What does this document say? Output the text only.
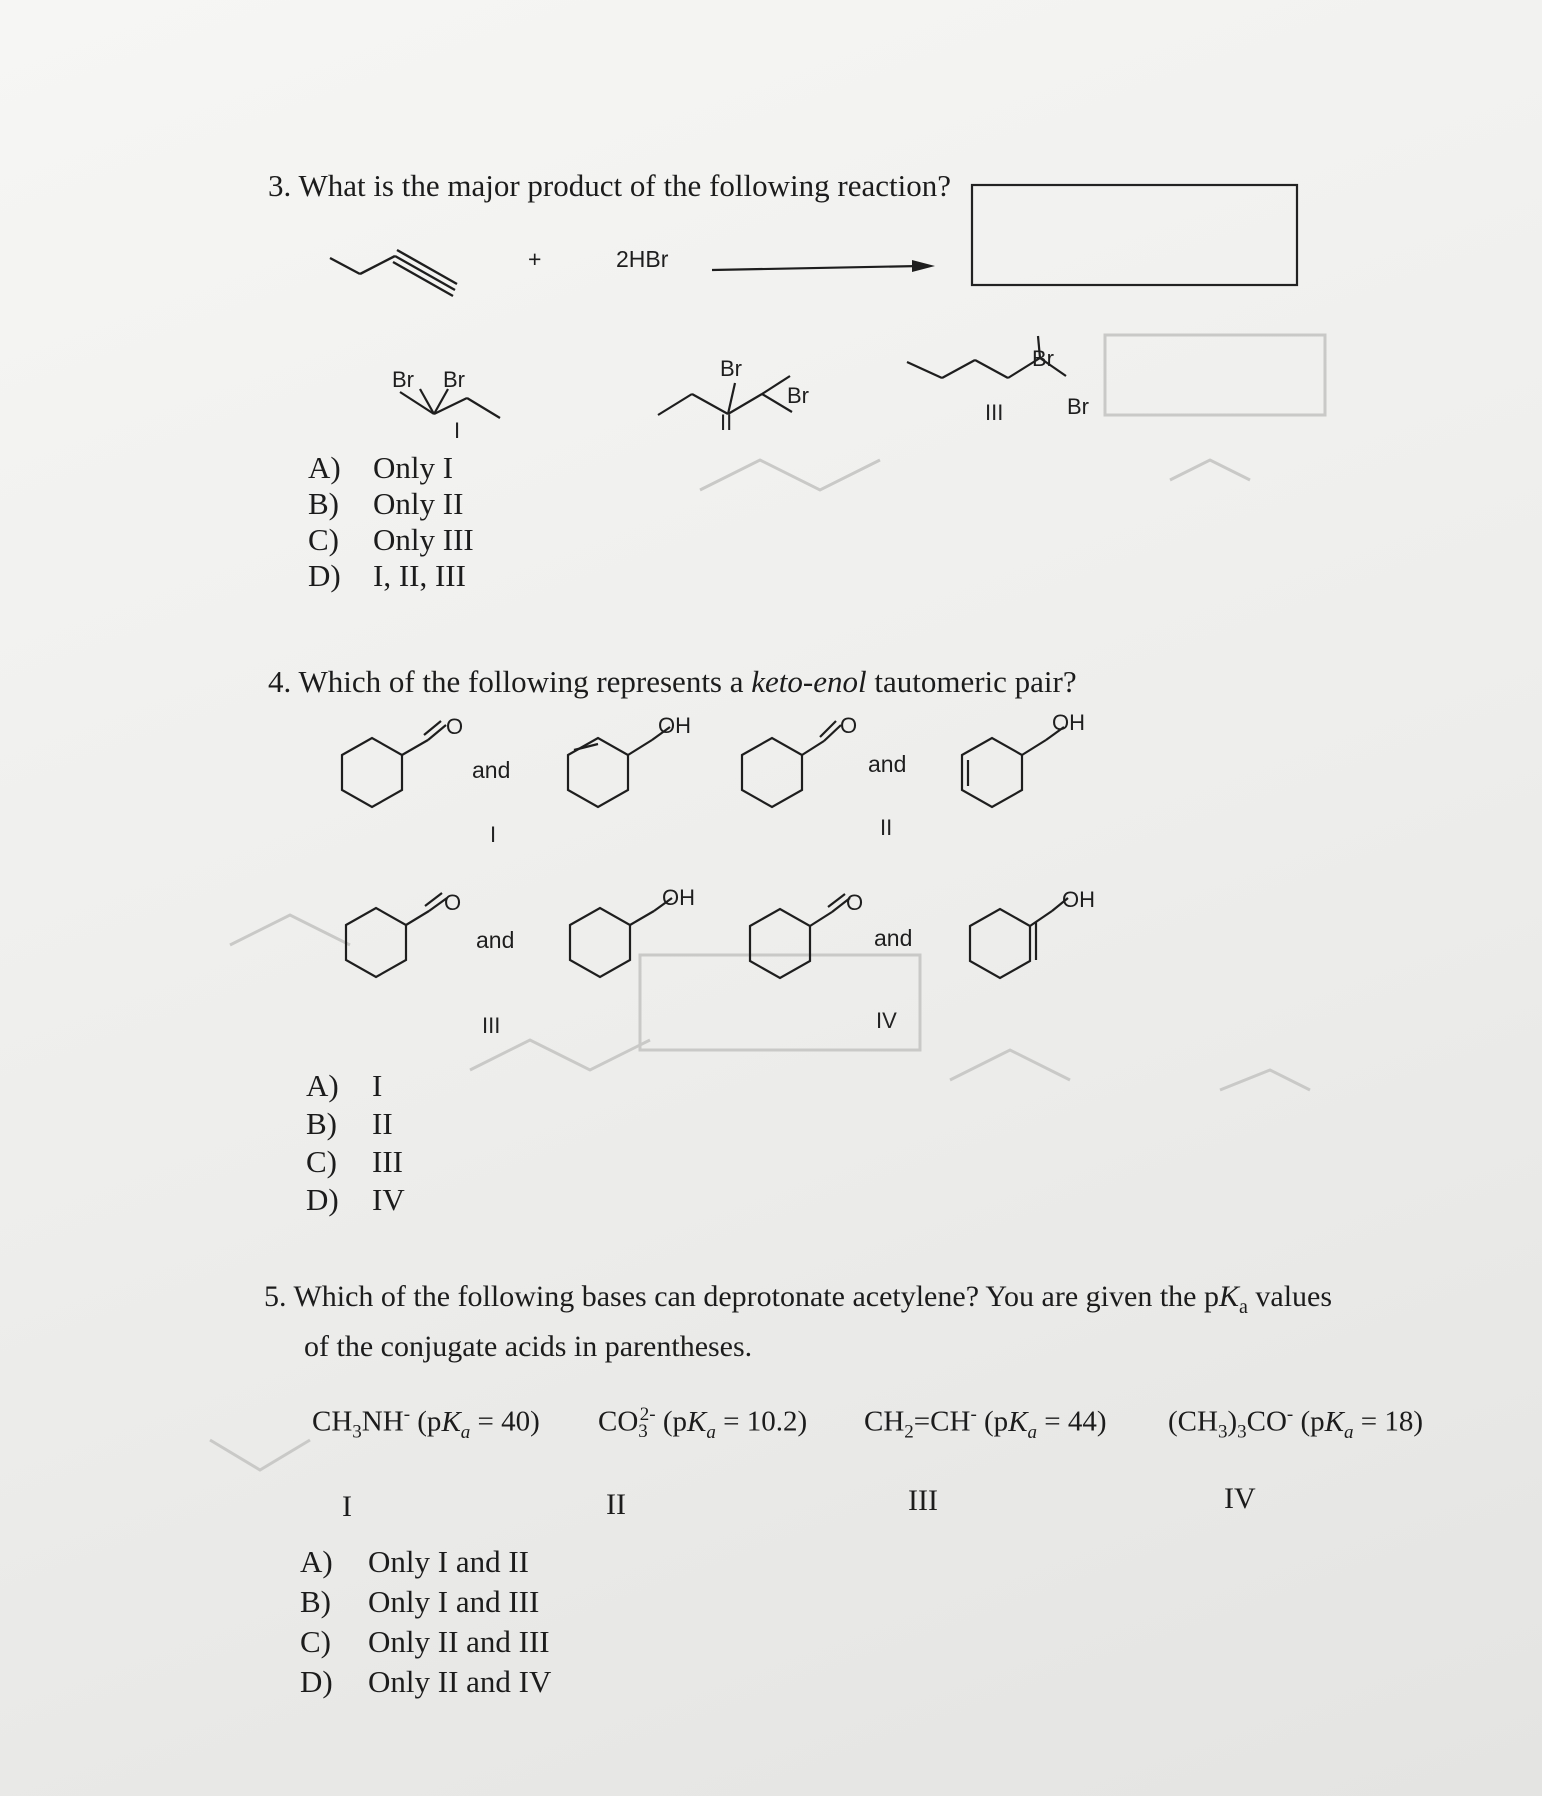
3. What is the major product of the following reaction?
+	2HBr
Br Br	Br
Br
Br
Br
I	II	III
A) Only I
B) Only II
C) Only III
D) I, II, III
4. Which of the following represents a keto-enol tautomeric pair?
O
and
OH	O
and
OH
O
and
OH	O
and
OH
I	II
III	IV
A) I
B) II
C) III
D) IV
5. Which of the following bases can deprotonate acetylene? You are given the $pK_a$ values
of the conjugate acids in parentheses.
$CH_3NH^-$ $(pK_a = 40)$ $CO_3^{2-}$ $(pK_a = 10.2)$ $CH_2=CH^-$ $(pK_a = 44)$ $(CH_3)_3CO^-$ $(pK_a = 18)$
I	II	III	IV
A) Only I and II
B) Only I and III
C) Only II and III
D) Only II and IV
